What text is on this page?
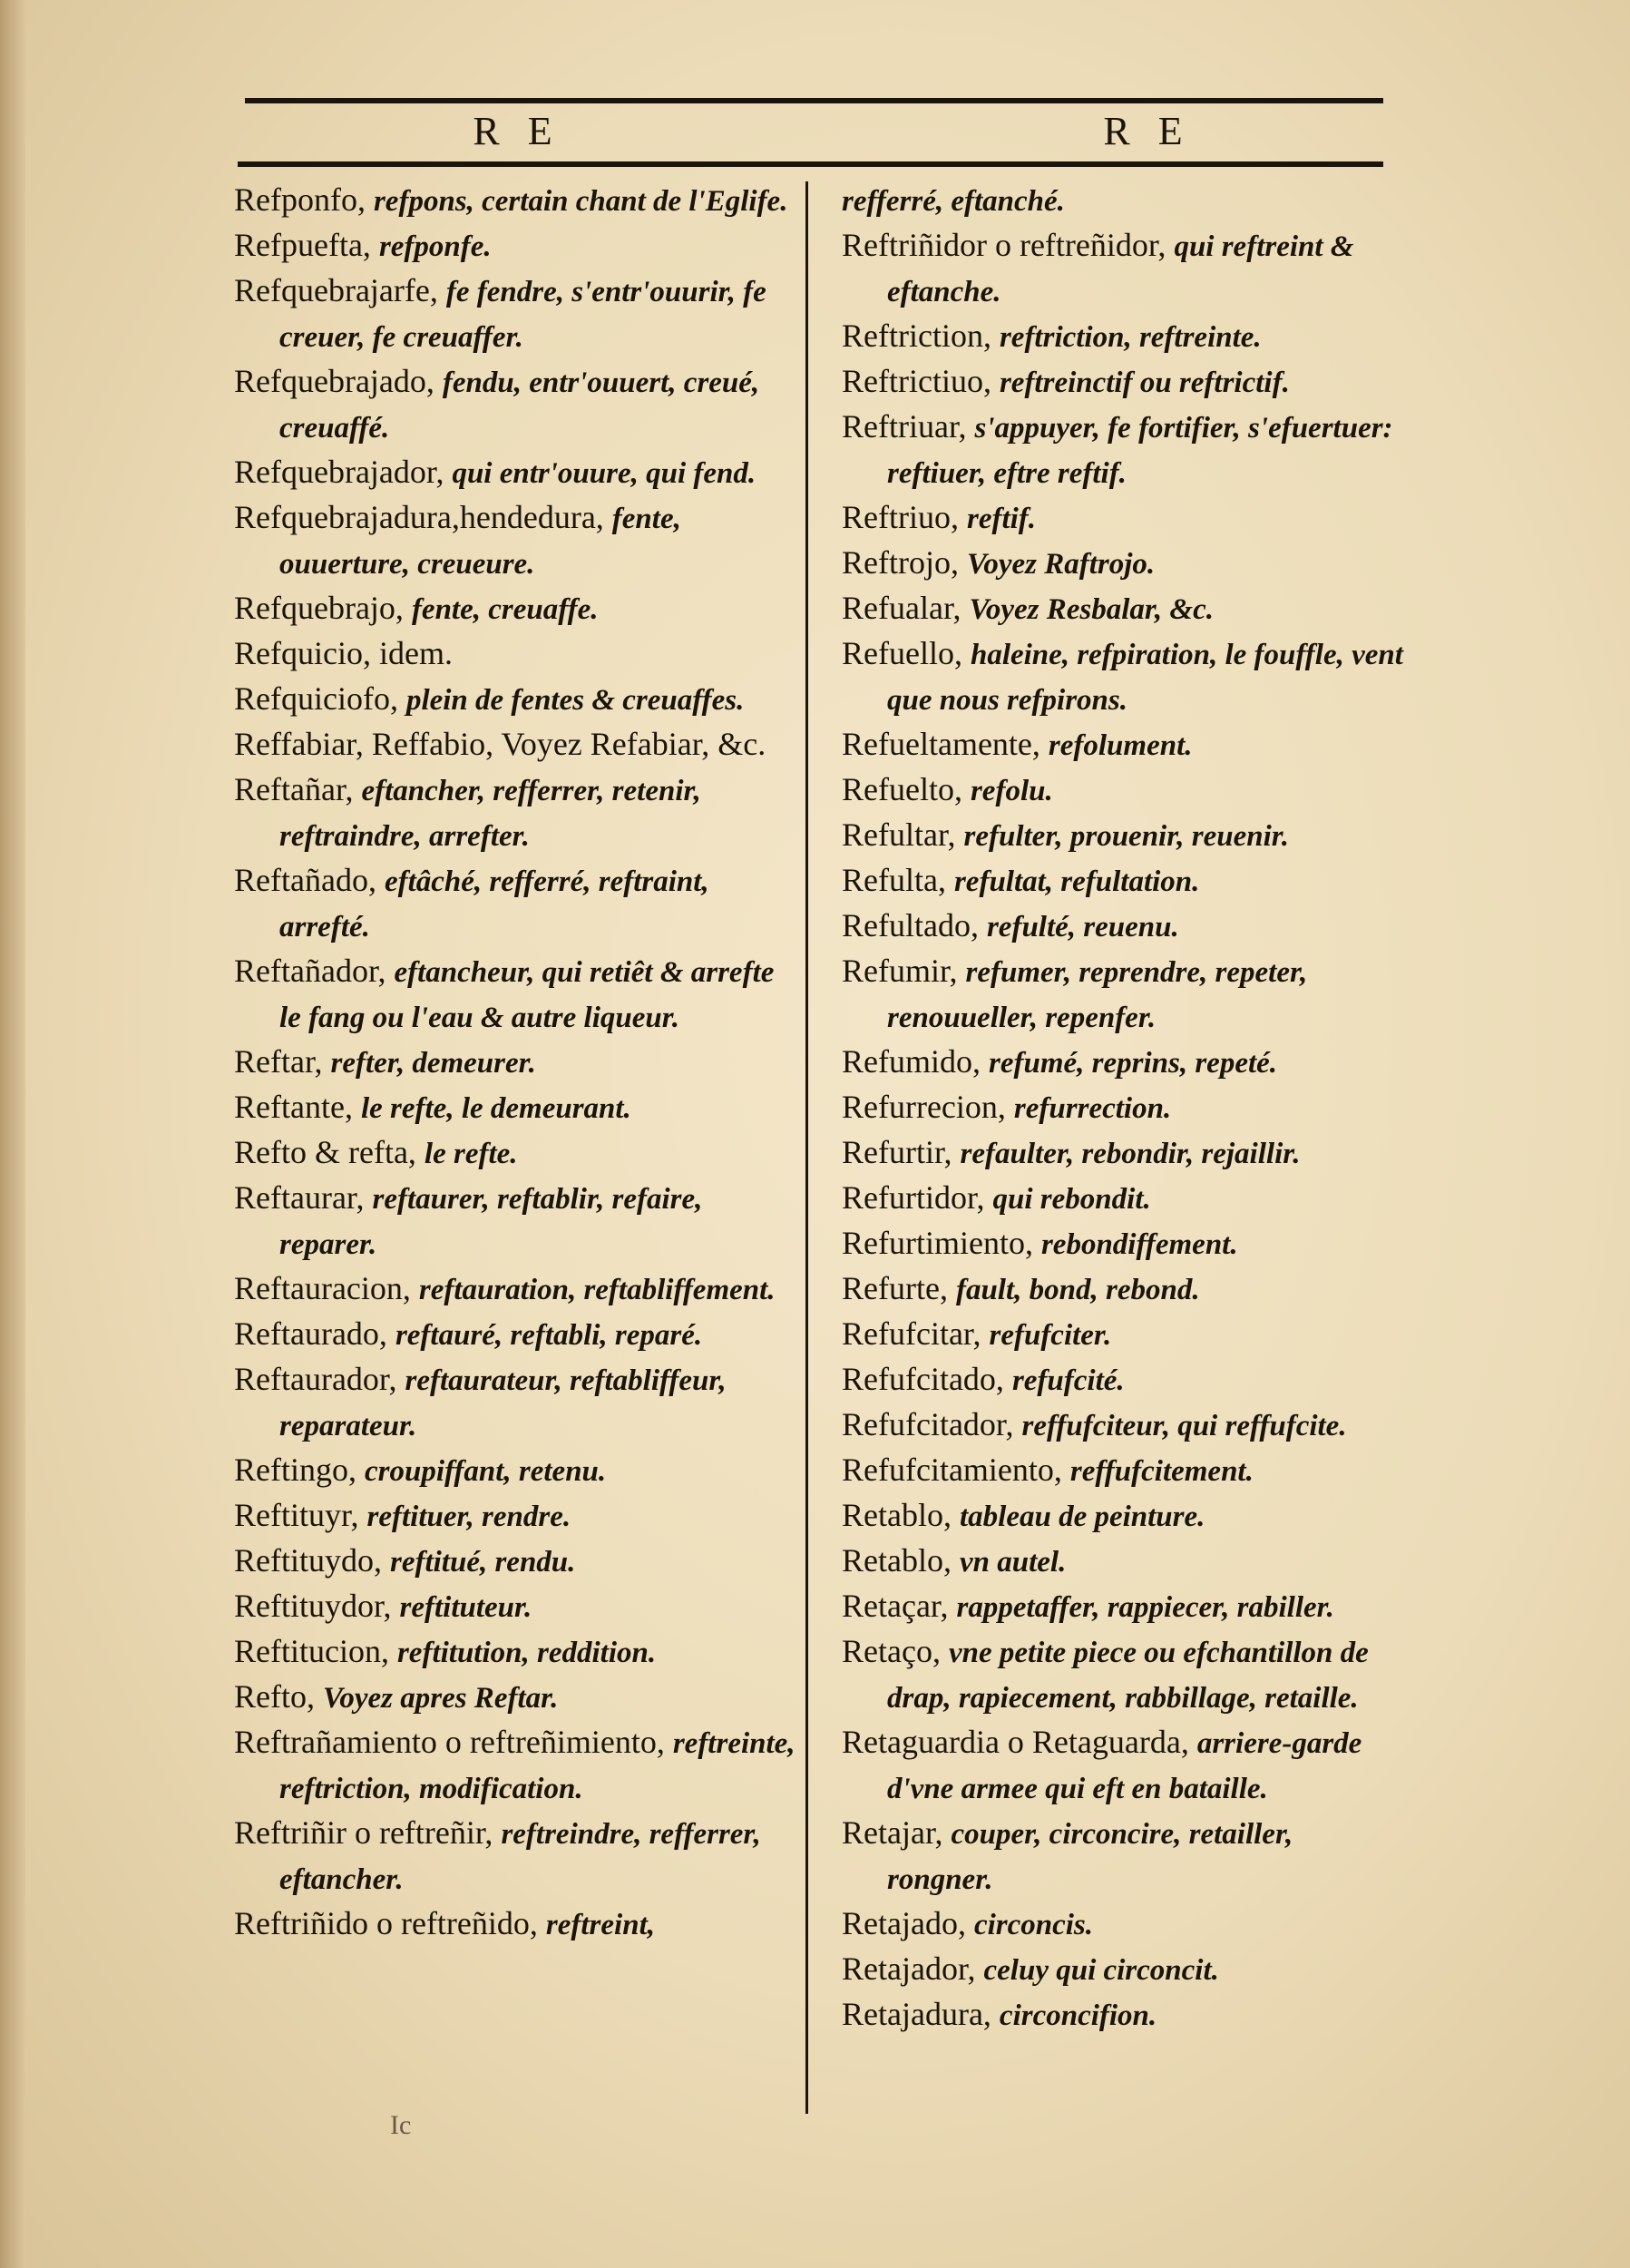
R E	R E

Refponfo, refpons, certain chant de l'Eglife.

Refpuefta, refponfe.

Refquebrajarfe, fe fendre, s'entr'ouurir, fe creuer, fe creuaffer.

Refquebrajado, fendu, entr'ouuert, creué, creuaffé.

Refquebrajador, qui entr'ouure, qui fend.

Refquebrajadura,hendedura, fente, ouuerture, creueure.

Refquebrajo, fente, creuaffe.

Refquicio, idem.

Refquiciofo, plein de fentes & creuaffes.

Reffabiar, Reffabio, Voyez Refabiar, &c.

Reftañar, eftancher, refferrer, retenir, reftraindre, arrefter.

Reftañado, eftâché, refferré, reftraint, arrefté.

Reftañador, eftancheur, qui retiêt & arrefte le fang ou l'eau & autre liqueur.

Reftar, refter, demeurer.

Reftante, le refte, le demeurant.

Refto & refta, le refte.

Reftaurar, reftaurer, reftablir, refaire, reparer.

Reftauracion, reftauration, reftabliffement.

Reftaurado, reftauré, reftabli, reparé.

Reftaurador, reftaurateur, reftabliffeur, reparateur.

Reftingo, croupiffant, retenu.

Reftituyr, reftituer, rendre.

Reftituydo, reftitué, rendu.

Reftituydor, reftituteur.

Reftitucion, reftitution, reddition.

Refto, Voyez apres Reftar.

Reftrañamiento o reftreñimiento, reftreinte, reftriction, modification.

Reftriñir o reftreñir, reftreindre, refferrer, eftancher.

Reftriñido o reftreñido, reftreint,

refferré, eftanché.

Reftriñidor o reftreñidor, qui reftreint & eftanche.

Reftriction, reftriction, reftreinte.

Reftrictiuo, reftreinctif ou reftrictif.

Reftriuar, s'appuyer, fe fortifier, s'efuertuer: reftiuer, eftre reftif.

Reftriuo, reftif.

Reftrojo, Voyez Raftrojo.

Refualar, Voyez Resbalar, &c.

Refuello, haleine, refpiration, le fouffle, vent que nous refpirons.

Refueltamente, refolument.

Refuelto, refolu.

Refultar, refulter, prouenir, reuenir.

Refulta, refultat, refultation.

Refultado, refulté, reuenu.

Refumir, refumer, reprendre, repeter, renouueller, repenfer.

Refumido, refumé, reprins, repeté.

Refurrecion, refurrection.

Refurtir, refaulter, rebondir, rejaillir.

Refurtidor, qui rebondit.

Refurtimiento, rebondiffement.

Refurte, fault, bond, rebond.

Refufcitar, refufciter.

Refufcitado, refufcité.

Refufcitador, reffufciteur, qui reffufcite.

Refufcitamiento, reffufcitement.

Retablo, tableau de peinture.

Retablo, vn autel.

Retaçar, rappetaffer, rappiecer, rabiller.

Retaço, vne petite piece ou efchantillon de drap, rapiecement, rabbillage, retaille.

Retaguardia o Retaguarda, arriere-garde d'vne armee qui eft en bataille.

Retajar, couper, circoncire, retailler, rongner.

Retajado, circoncis.

Retajador, celuy qui circoncit.

Retajadura, circoncifion.

Ic
